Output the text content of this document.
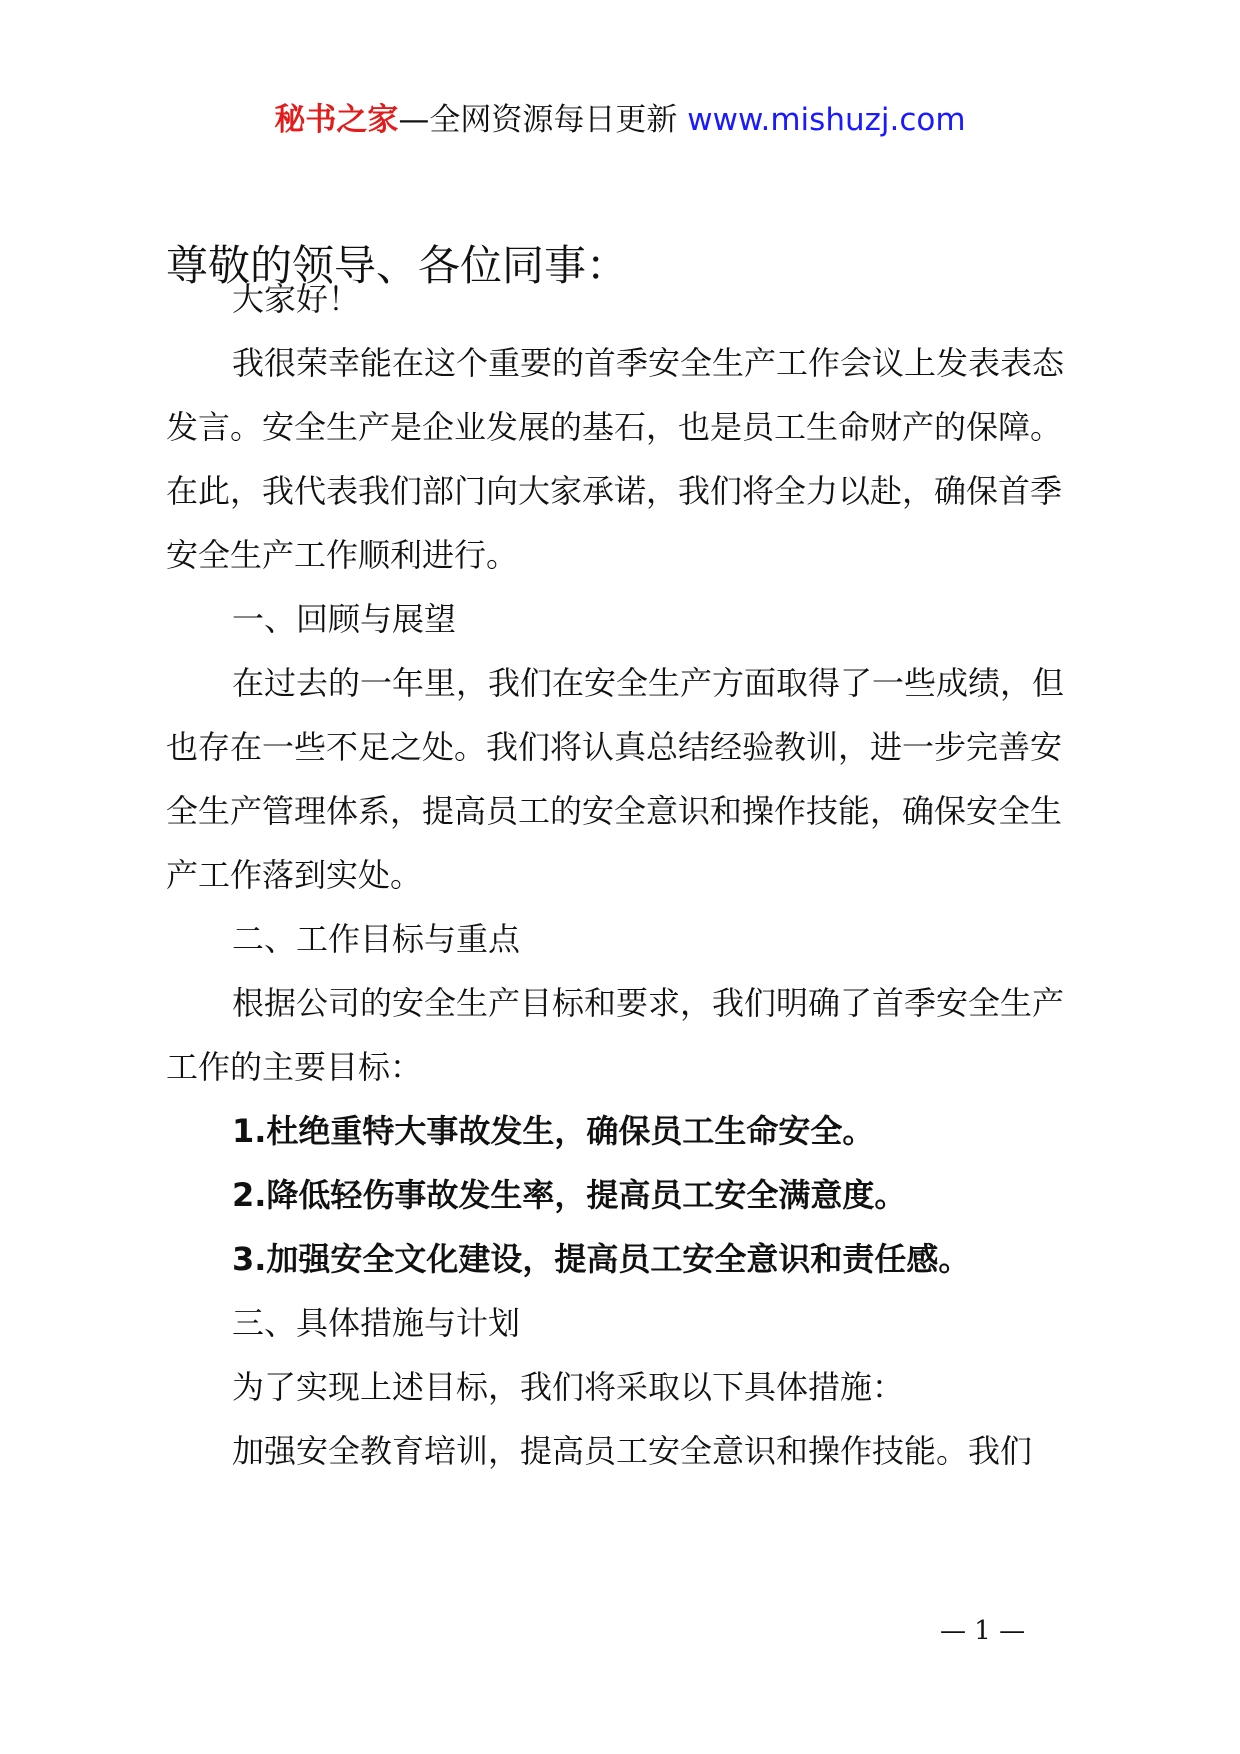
秘书之家—全网资源每日更新 www.mishuzj.com
尊敬的领导、各位同事：

大家好！

我很荣幸能在这个重要的首季安全生产工作会议上发表表态发言。安全生产是企业发展的基石，也是员工生命财产的保障。在此，我代表我们部门向大家承诺，我们将全力以赴，确保首季安全生产工作顺利进行。

一、回顾与展望

在过去的一年里，我们在安全生产方面取得了一些成绩，但也存在一些不足之处。我们将认真总结经验教训，进一步完善安全生产管理体系，提高员工的安全意识和操作技能，确保安全生产工作落到实处。

二、工作目标与重点

根据公司的安全生产目标和要求，我们明确了首季安全生产工作的主要目标：

1.杜绝重特大事故发生，确保员工生命安全。

2.降低轻伤事故发生率，提高员工安全满意度。

3.加强安全文化建设，提高员工安全意识和责任感。

三、具体措施与计划

为了实现上述目标，我们将采取以下具体措施：

加强安全教育培训，提高员工安全意识和操作技能。我们

— 1 —
